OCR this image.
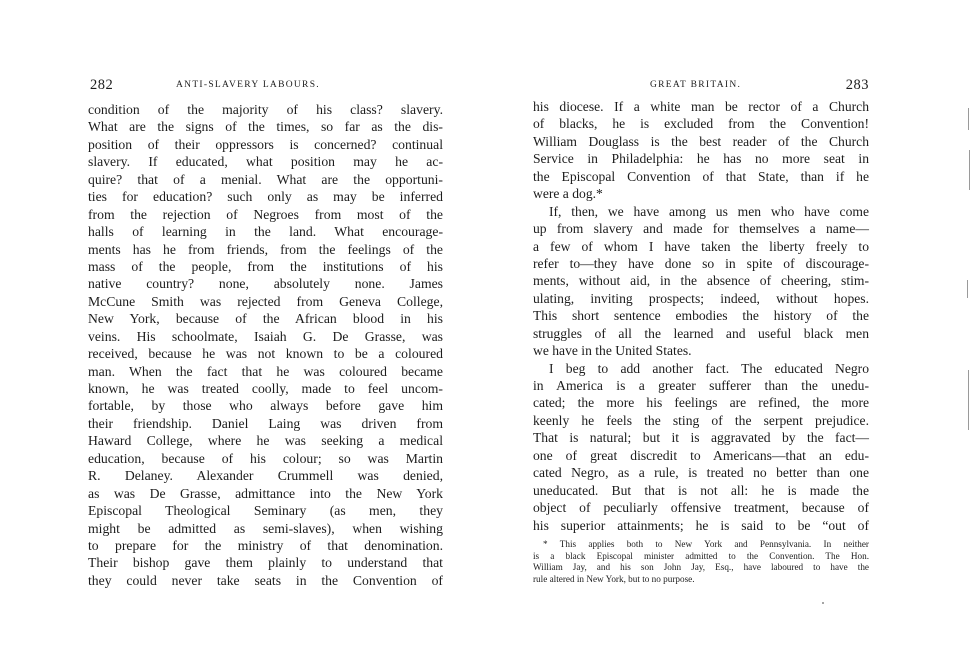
282	ANTI-SLAVERY LABOURS.
condition of the majority of his class? slavery.
What are the signs of the times, so far as the dis-
position of their oppressors is concerned? continual
slavery. If educated, what position may he ac-
quire? that of a menial. What are the opportuni-
ties for education? such only as may be inferred
from the rejection of Negroes from most of the
halls of learning in the land. What encourage-
ments has he from friends, from the feelings of the
mass of the people, from the institutions of his
native country? none, absolutely none. James
McCune Smith was rejected from Geneva College,
New York, because of the African blood in his
veins. His schoolmate, Isaiah G. De Grasse, was
received, because he was not known to be a coloured
man. When the fact that he was coloured became
known, he was treated coolly, made to feel uncom-
fortable, by those who always before gave him
their friendship. Daniel Laing was driven from
Haward College, where he was seeking a medical
education, because of his colour; so was Martin
R. Delaney. Alexander Crummell was denied,
as was De Grasse, admittance into the New York
Episcopal Theological Seminary (as men, they
might be admitted as semi-slaves), when wishing
to prepare for the ministry of that denomination.
Their bishop gave them plainly to understand that
they could never take seats in the Convention of
GREAT BRITAIN.	283
his diocese. If a white man be rector of a Church
of blacks, he is excluded from the Convention!
William Douglass is the best reader of the Church
Service in Philadelphia: he has no more seat in
the Episcopal Convention of that State, than if he
were a dog.*
If, then, we have among us men who have come
up from slavery and made for themselves a name—
a few of whom I have taken the liberty freely to
refer to—they have done so in spite of discourage-
ments, without aid, in the absence of cheering, stim-
ulating, inviting prospects; indeed, without hopes.
This short sentence embodies the history of the
struggles of all the learned and useful black men
we have in the United States.
I beg to add another fact. The educated Negro
in America is a greater sufferer than the unedu-
cated; the more his feelings are refined, the more
keenly he feels the sting of the serpent prejudice.
That is natural; but it is aggravated by the fact—
one of great discredit to Americans—that an edu-
cated Negro, as a rule, is treated no better than one
uneducated. But that is not all: he is made the
object of peculiarly offensive treatment, because of
his superior attainments; he is said to be “out of
* This applies both to New York and Pennsylvania. In neither
is a black Episcopal minister admitted to the Convention. The Hon.
William Jay, and his son John Jay, Esq., have laboured to have the
rule altered in New York, but to no purpose.
